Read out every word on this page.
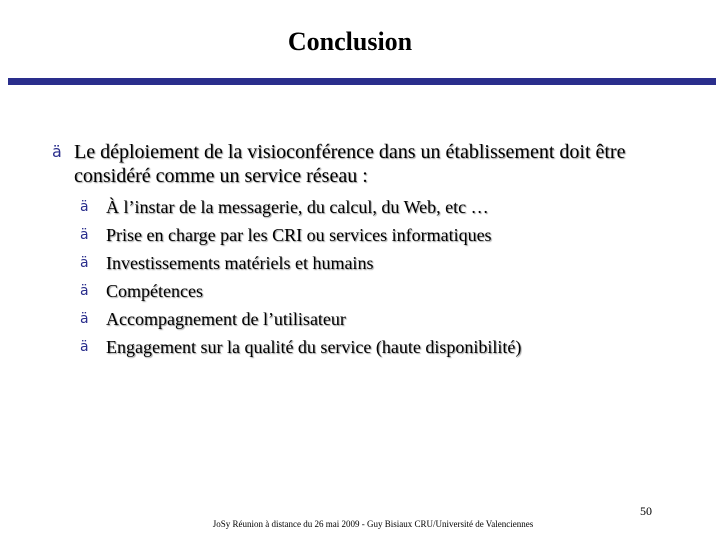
Conclusion
ä Le déploiement de la visioconférence dans un établissement doit être considéré comme un service réseau :
ä À l’instar de la messagerie, du calcul, du Web, etc …
ä Prise en charge par les CRI ou services informatiques
ä Investissements matériels et humains
ä Compétences
ä Accompagnement de l’utilisateur
ä Engagement sur la qualité du service (haute disponibilité)
50
JoSy Réunion à distance du 26 mai 2009 - Guy Bisiaux CRU/Université de Valenciennes
